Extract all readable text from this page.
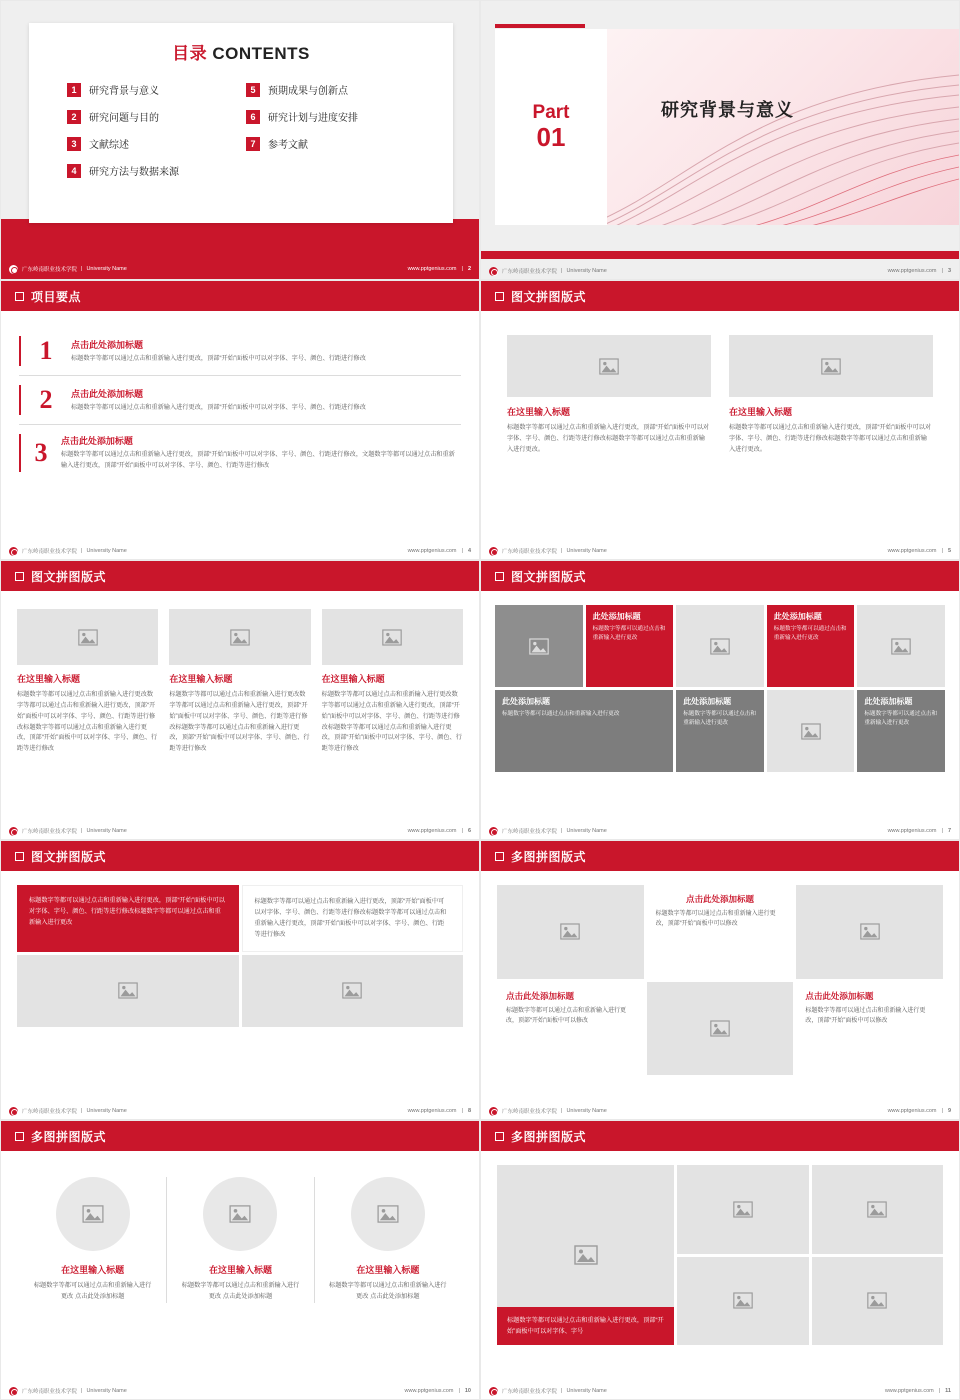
目录 CONTENTS
1	研究背景与意义	5	预期成果与创新点
2	研究问题与目的	6	研究计划与进度安排
3	文献综述	7	参考文献
4	研究方法与数据来源
广东岭南职业技术学院 | University Name	www.pptgenius.com | 2
Part
01
研究背景与意义
广东岭南职业技术学院 | University Name	www.pptgenius.com | 3
项目要点
1	点击此处添加标题
标题数字等都可以通过点击和重新输入进行更改，顶部“开始”面板中可以对字体、字号、颜色、行距进行修改
2	点击此处添加标题
标题数字等都可以通过点击和重新输入进行更改，顶部“开始”面板中可以对字体、字号、颜色、行距进行修改
3	点击此处添加标题
标题数字等都可以通过点击和重新输入进行更改，顶部“开始”面板中可以对字体、字号、颜色、行距进行修改，文题数字等都可以通过点击和重新输入进行更改，顶部“开始”面板中可以对字体、字号、颜色、行距等进行修改
广东岭南职业技术学院 | University Name	www.pptgenius.com | 4
图文拼图版式
在这里输入标题
标题数字等都可以通过点击和重新输入进行更改，顶部“开始”面板中可以对字体、字号、颜色、行距等进行修改标题数字等都可以通过点击和重新输入进行更改。
在这里输入标题
标题数字等都可以通过点击和重新输入进行更改，顶部“开始”面板中可以对字体、字号、颜色、行距等进行修改标题数字等都可以通过点击和重新输入进行更改。
广东岭南职业技术学院 | University Name	www.pptgenius.com | 5
图文拼图版式
在这里输入标题
标题数字等都可以通过点击和重新输入进行更改数字等都可以通过点击和重新输入进行更改，顶部“开始”面板中可以对字体、字号、颜色、行距等进行修改标题数字等都可以通过点击和重新输入进行更改，顶部“开始”面板中可以对字体、字号、颜色、行距等进行修改
在这里输入标题
标题数字等都可以通过点击和重新输入进行更改数字等都可以通过点击和重新输入进行更改，顶部“开始”面板中可以对字体、字号、颜色、行距等进行修改标题数字等都可以通过点击和重新输入进行更改，顶部“开始”面板中可以对字体、字号、颜色、行距等进行修改
在这里输入标题
标题数字等都可以通过点击和重新输入进行更改数字等都可以通过点击和重新输入进行更改，顶部“开始”面板中可以对字体、字号、颜色、行距等进行修改标题数字等都可以通过点击和重新输入进行更改，顶部“开始”面板中可以对字体、字号、颜色、行距等进行修改
广东岭南职业技术学院 | University Name	www.pptgenius.com | 6
图文拼图版式
此处添加标题
标题数字等都可以通过点击和重新输入进行更改
此处添加标题
标题数字等都可以通过点击和重新输入进行更改
此处添加标题
标题数字等都可以通过点击和重新输入进行更改
此处添加标题
标题数字等都可以通过点击和重新输入进行更改
此处添加标题
标题数字等都可以通过点击和重新输入进行更改
广东岭南职业技术学院 | University Name	www.pptgenius.com | 7
图文拼图版式
标题数字等都可以通过点击和重新输入进行更改，顶部“开始”面板中可以对字体、字号、颜色、行距等进行修改标题数字等都可以通过点击和重新输入进行更改
标题数字等都可以通过点击和重新输入进行更改，顶部“开始”面板中可以对字体、字号、颜色、行距等进行修改标题数字等都可以通过点击和重新输入进行更改，顶部“开始”面板中可以对字体、字号、颜色、行距等进行修改
广东岭南职业技术学院 | University Name	www.pptgenius.com | 8
多图拼图版式
点击此处添加标题
标题数字等都可以通过点击和重新输入进行更改，顶部“开始”面板中可以修改
点击此处添加标题
标题数字等都可以通过点击和重新输入进行更改，顶部“开始”面板中可以修改
点击此处添加标题
标题数字等都可以通过点击和重新输入进行更改，顶部“开始”面板中可以修改
广东岭南职业技术学院 | University Name	www.pptgenius.com | 9
多图拼图版式
在这里输入标题
标题数字等都可以通过点击和重新输入进行更改 点击此处添加标题
在这里输入标题
标题数字等都可以通过点击和重新输入进行更改 点击此处添加标题
在这里输入标题
标题数字等都可以通过点击和重新输入进行更改 点击此处添加标题
广东岭南职业技术学院 | University Name	www.pptgenius.com | 10
多图拼图版式
标题数字等都可以通过点击和重新输入进行更改，顶部“开始”面板中可以对字体、字号
广东岭南职业技术学院 | University Name	www.pptgenius.com | 11
